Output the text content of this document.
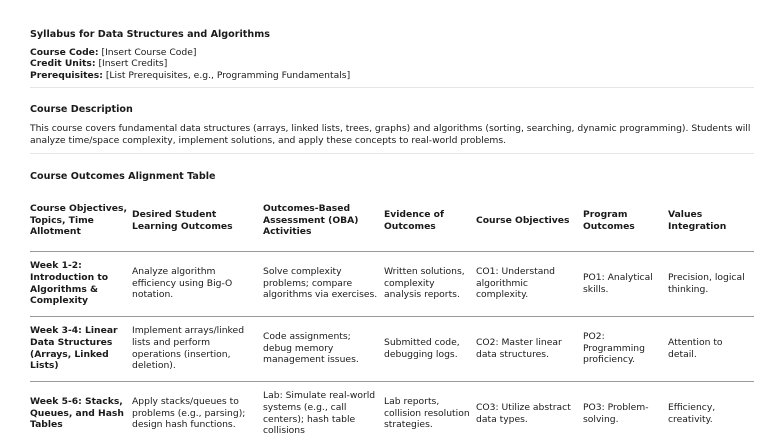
Syllabus for Data Structures and Algorithms
Course Code: [Insert Course Code]
Credit Units: [Insert Credits]
Prerequisites: [List Prerequisites, e.g., Programming Fundamentals]
Course Description
This course covers fundamental data structures (arrays, linked lists, trees, graphs) and algorithms (sorting, searching, dynamic programming). Students will analyze time/space complexity, implement solutions, and apply these concepts to real-world problems.
Course Outcomes Alignment Table
Course Objectives, Topics, Time Allotment	Desired Student Learning Outcomes	Outcomes-Based Assessment (OBA) Activities	Evidence of Outcomes	Course Objectives	Program Outcomes	Values Integration
Week 1-2: Introduction to Algorithms & Complexity	Analyze algorithm efficiency using Big-O notation.	Solve complexity problems; compare algorithms via exercises.	Written solutions, complexity analysis reports.	CO1: Understand algorithmic complexity.	PO1: Analytical skills.	Precision, logical thinking.
Week 3-4: Linear Data Structures (Arrays, Linked Lists)	Implement arrays/linked lists and perform operations (insertion, deletion).	Code assignments; debug memory management issues.	Submitted code, debugging logs.	CO2: Master linear data structures.	PO2: Programming proficiency.	Attention to detail.
Week 5-6: Stacks, Queues, and Hash Tables	Apply stacks/queues to problems (e.g., parsing); design hash functions.	Lab: Simulate real-world systems (e.g., call centers); hash table collisions	Lab reports, collision resolution strategies.	CO3: Utilize abstract data types.	PO3: Problem-solving.	Efficiency, creativity.
